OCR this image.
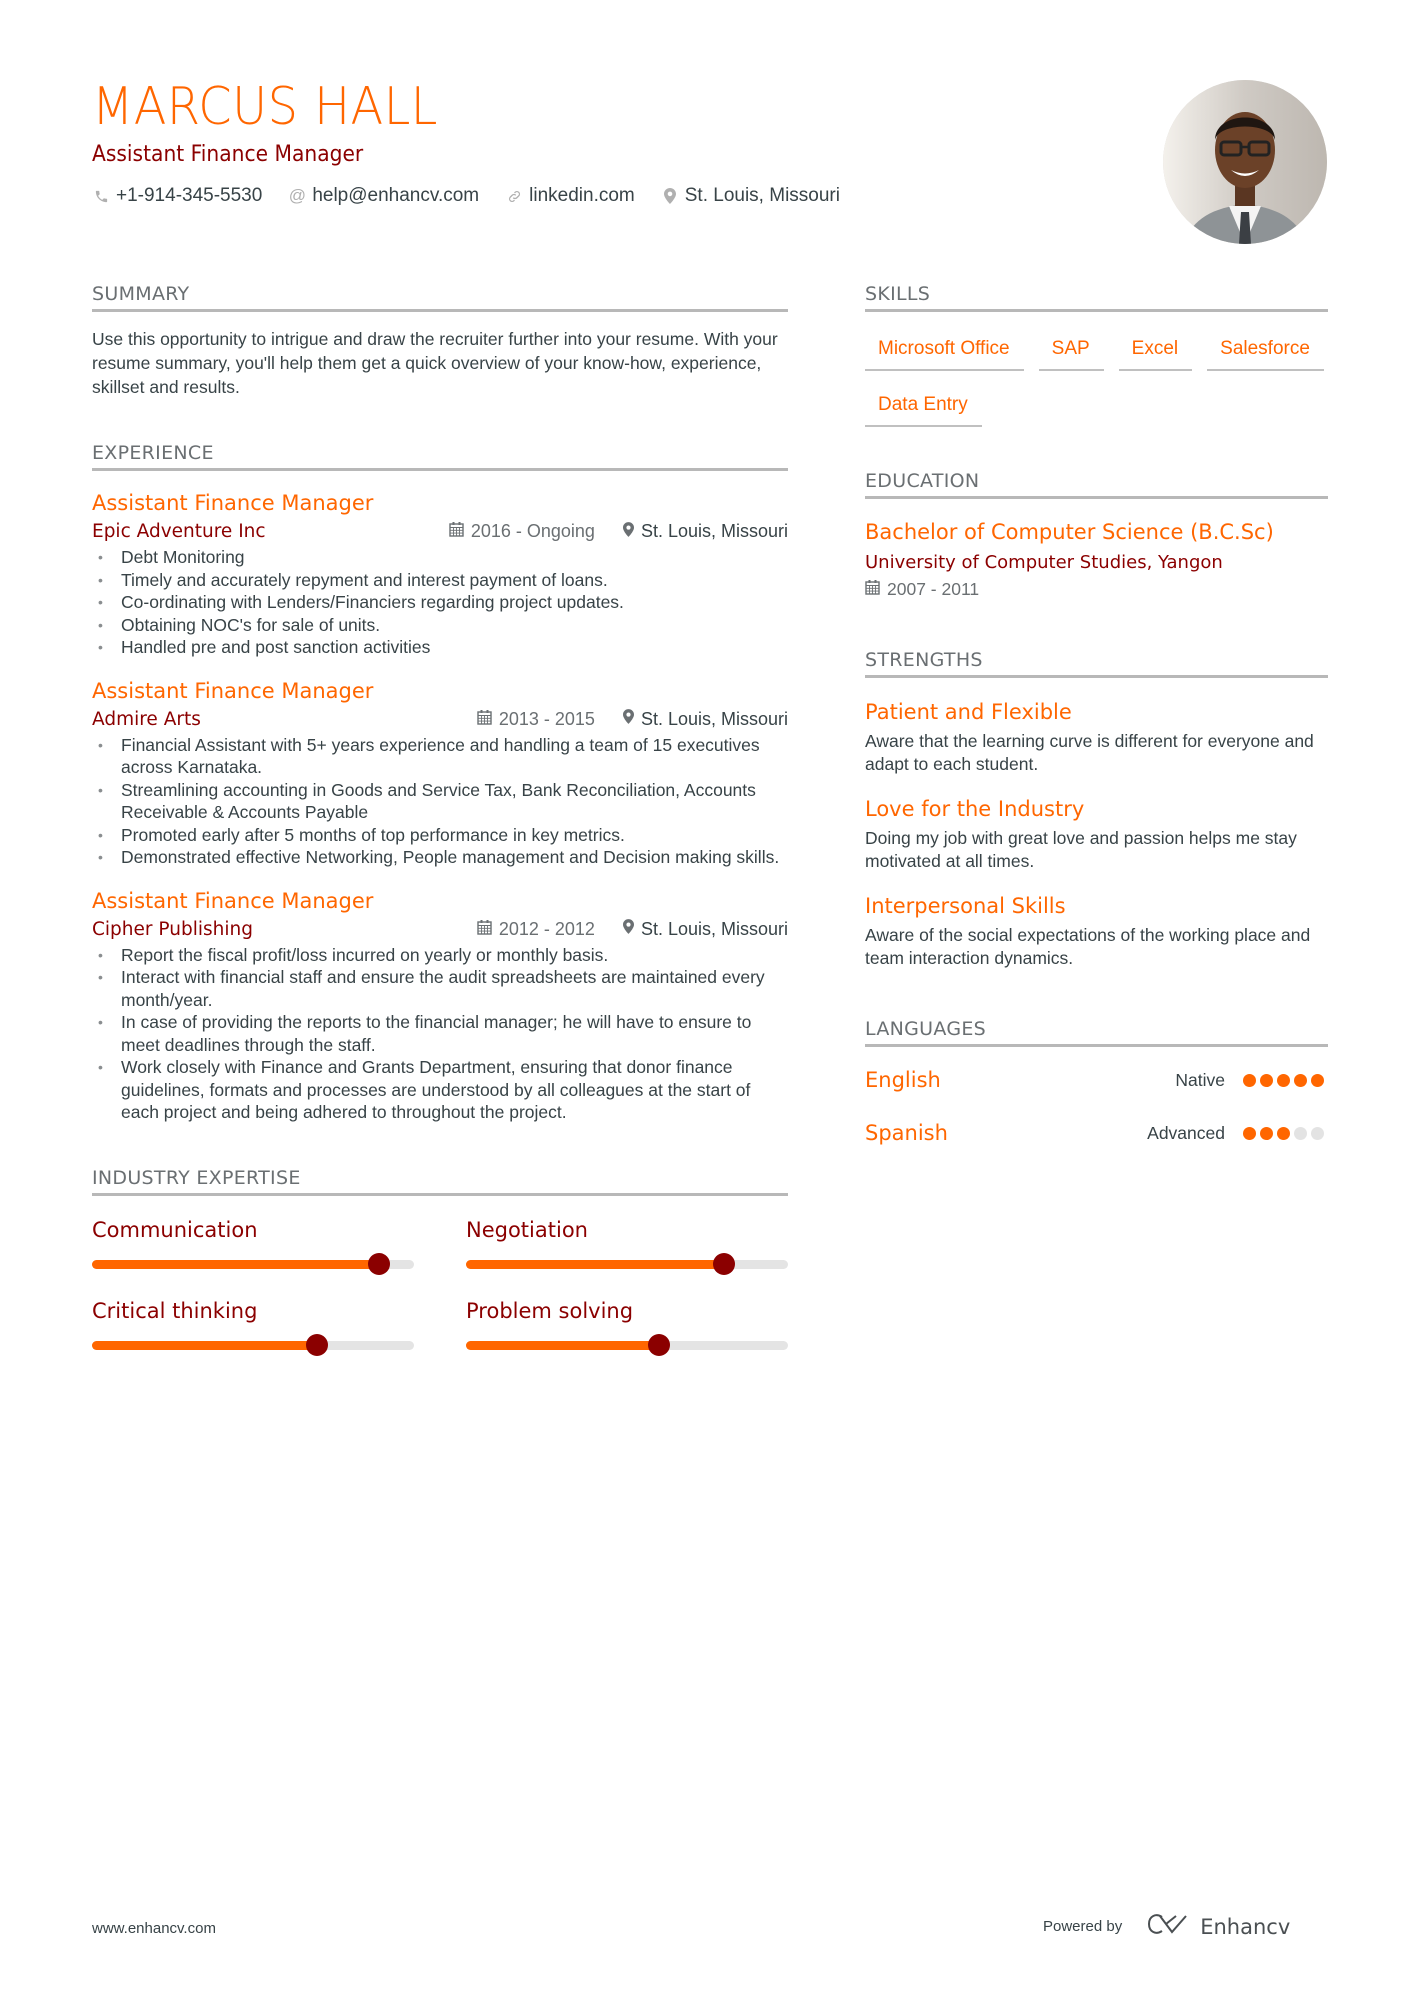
MARCUS HALL
Assistant Finance Manager
+1-914-345-5530 @ help@enhancv.com	linkedin.com	St. Louis, Missouri
SUMMARY

Use this opportunity to intrigue and draw the recruiter further into your resume. With your resume summary, you'll help them get a quick overview of your know-how, experience, skillset and results.

EXPERIENCE
Assistant Finance Manager
Epic Adventure Inc	2016 - Ongoing	St. Louis, Missouri
• Debt Monitoring
• Timely and accurately repyment and interest payment of loans.
• Co-ordinating with Lenders/Financiers regarding project updates.
• Obtaining NOC's for sale of units.
• Handled pre and post sanction activities
Assistant Finance Manager
Admire Arts	2013 - 2015	St. Louis, Missouri
• Financial Assistant with 5+ years experience and handling a team of 15 executives across Karnataka.
• Streamlining accounting in Goods and Service Tax, Bank Reconciliation, Accounts Receivable & Accounts Payable
• Promoted early after 5 months of top performance in key metrics.
• Demonstrated effective Networking, People management and Decision making skills.
Assistant Finance Manager
Cipher Publishing	2012 - 2012	St. Louis, Missouri
• Report the fiscal profit/loss incurred on yearly or monthly basis.
• Interact with financial staff and ensure the audit spreadsheets are maintained every month/year.
• In case of providing the reports to the financial manager; he will have to ensure to meet deadlines through the staff.
• Work closely with Finance and Grants Department, ensuring that donor finance guidelines, formats and processes are understood by all colleagues at the start of each project and being adhered to throughout the project.
INDUSTRY EXPERTISE
Communication	Negotiation
Critical thinking	Problem solving
SKILLS
Microsoft Office	SAP	Excel	Salesforce
Data Entry
EDUCATION
Bachelor of Computer Science (B.C.Sc)
University of Computer Studies, Yangon
2007 - 2011
STRENGTHS
Patient and Flexible
Aware that the learning curve is different for everyone and adapt to each student.
Love for the Industry
Doing my job with great love and passion helps me stay motivated at all times.
Interpersonal Skills
Aware of the social expectations of the working place and team interaction dynamics.
LANGUAGES
English	Native
Spanish	Advanced
www.enhancv.com	Powered by	Enhancv
